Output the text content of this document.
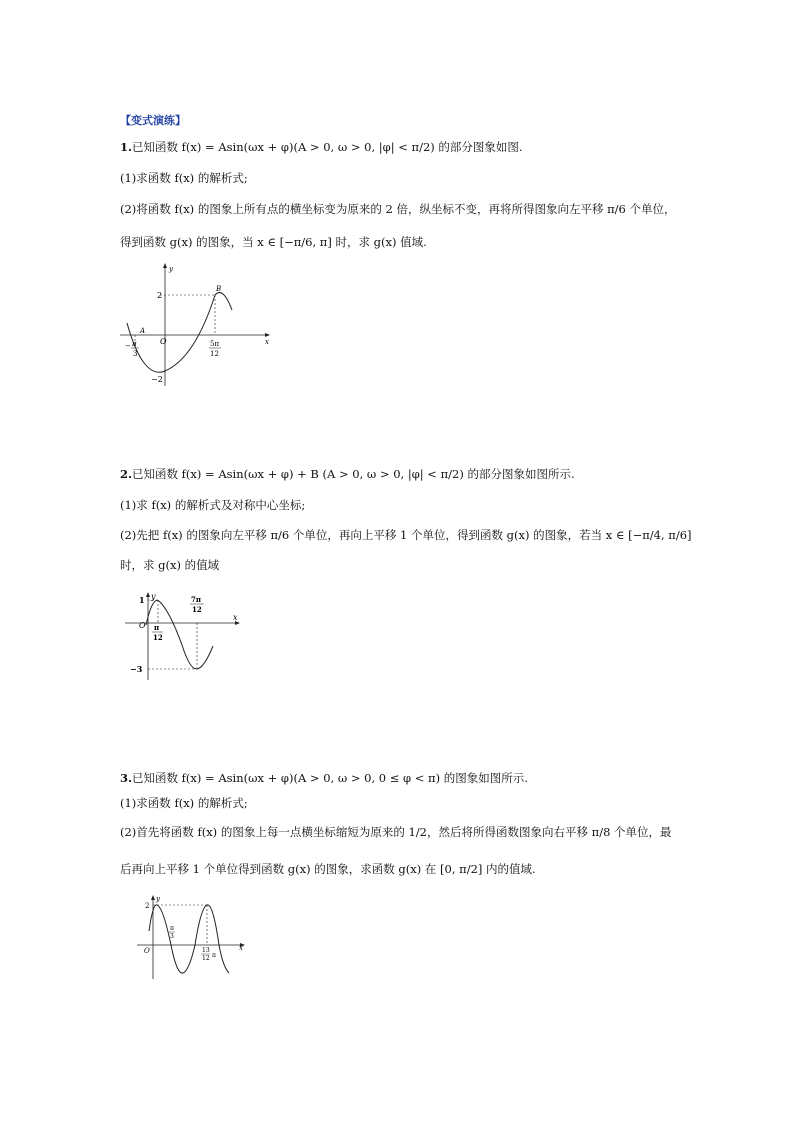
【变式演练】
1.已知函数 f(x) = Asin(ωx + φ)(A > 0, ω > 0, |φ| < π/2) 的部分图象如图.
(1)求函数 f(x) 的解析式;
(2)将函数 f(x) 的图象上所有点的横坐标变为原来的 2 倍，纵坐标不变，再将所得图象向左平移 π/6 个单位，
得到函数 g(x) 的图象，当 x ∈ [−π/6, π] 时，求 g(x) 值域.
y
x
2
−2
O
A
B
− π
3
5π
12
2.已知函数 f(x) = Asin(ωx + φ) + B (A > 0, ω > 0, |φ| < π/2) 的部分图象如图所示.
(1)求 f(x) 的解析式及对称中心坐标;
(2)先把 f(x) 的图象向左平移 π/6 个单位，再向上平移 1 个单位，得到函数 g(x) 的图象，若当 x ∈ [−π/4, π/6]
时，求 g(x) 的值域
y
x
1
−3
O π
12
7π
12
3.已知函数 f(x) = Asin(ωx + φ)(A > 0, ω > 0, 0 ≤ φ < π) 的图象如图所示.
(1)求函数 f(x) 的解析式;
(2)首先将函数 f(x) 的图象上每一点横坐标缩短为原来的 1/2，然后将所得函数图象向右平移 π/8 个单位，最
后再向上平移 1 个单位得到函数 g(x) 的图象，求函数 g(x) 在 [0, π/2] 内的值域.
y
x
2
O
π
3
13
12 π
